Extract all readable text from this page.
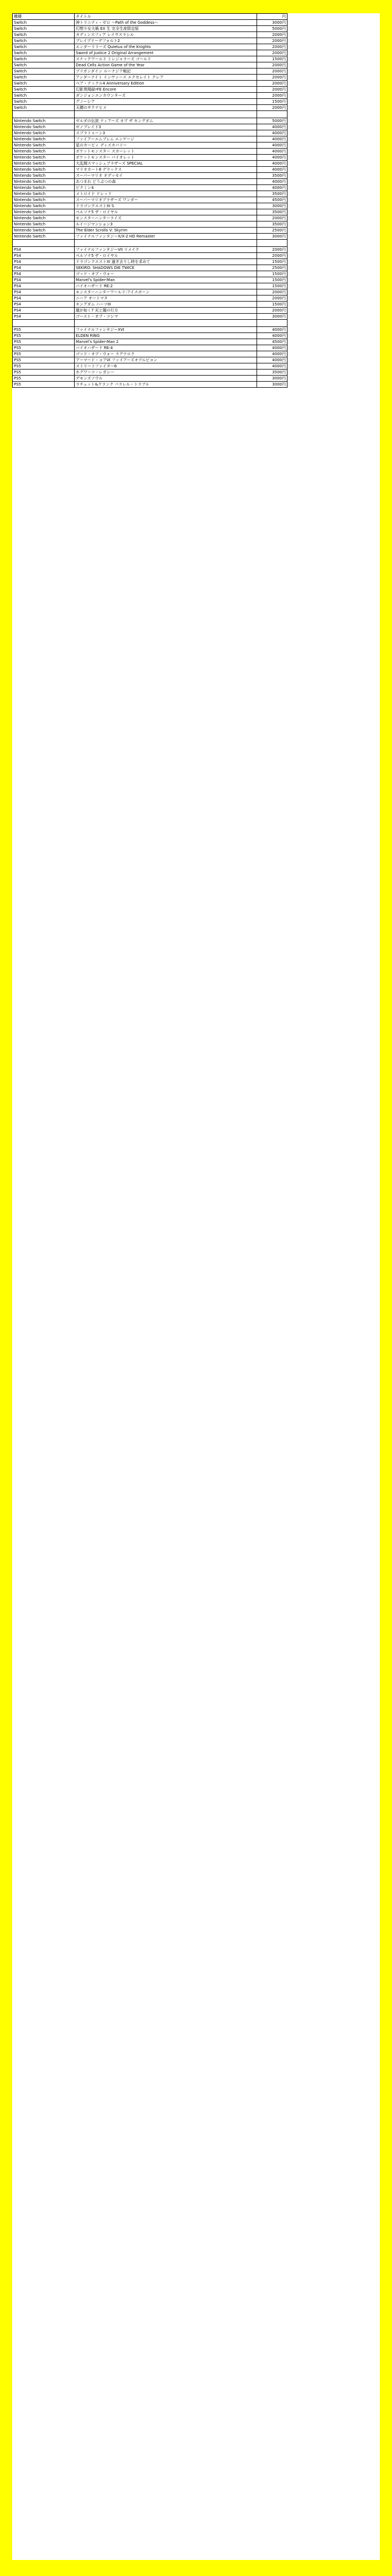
機種	タイトル	円
Switch	神トリニティ・ゼロ ～Path of the Goddess～	3000円
Switch	幻想少女大戦 EX 生 完全生産限定版	5000円
Switch	オディンスフィア レイヴスラシル	2000円
Switch	ブレイブリーデフォルト2	2000円
Switch	エンダーリリーズ Quietus of the Knights	2000円
Switch	Sword of Justice 2 Original Arrangement	2000円
Switch	スナックワールド トレジャラーズ ゴールド	1500円
Switch	Dead Cells Action Game of the Year	2000円
Switch	ブリガンダイン ルーナジア戦記	2000円
Switch	アンダーナイト インヴァース エクセレイト クレア	2000円
Switch	ベア・ナックル4 Anniversary Edition	2000円
Switch	幻影異聞録♯FE Encore	2000円
Switch	ダンジョンエンカウンターズ	2000円
Switch	グノーシア	1500円
Switch	天穂のサクナヒメ	2000円

Nintendo Switch	ゼルダの伝説 ティアーズ オブ ザ キングダム	5000円
Nintendo Switch	ゼノブレイド3	4000円
Nintendo Switch	スプラトゥーン3	4000円
Nintendo Switch	ファイアーエムブレム エンゲージ	4000円
Nintendo Switch	星のカービィ ディスカバリー	4000円
Nintendo Switch	ポケットモンスター スカーレット	4000円
Nintendo Switch	ポケットモンスター バイオレット	4000円
Nintendo Switch	大乱闘スマッシュブラザーズ SPECIAL	4000円
Nintendo Switch	マリオカート8 デラックス	4000円
Nintendo Switch	スーパーマリオ オデッセイ	3500円
Nintendo Switch	あつまれ どうぶつの森	4000円
Nintendo Switch	ピクミン4	4000円
Nintendo Switch	メトロイド ドレッド	3500円
Nintendo Switch	スーパーマリオブラザーズ ワンダー	4500円
Nintendo Switch	ドラゴンクエストXI S	3000円
Nintendo Switch	ペルソナ5 ザ・ロイヤル	3500円
Nintendo Switch	モンスターハンターライズ	2000円
Nintendo Switch	ルイージマンション3	3500円
Nintendo Switch	The Elder Scrolls V: Skyrim	2500円
Nintendo Switch	ファイナルファンタジーX/X-2 HD Remaster	3000円

PS4	ファイナルファンタジーVII リメイク	2000円
PS4	ペルソナ5 ザ・ロイヤル	2000円
PS4	ドラゴンクエストXI 過ぎ去りし時を求めて	1500円
PS4	SEKIRO: SHADOWS DIE TWICE	2500円
PS4	ゴッド・オブ・ウォー	1500円
PS4	Marvel's Spider-Man	1500円
PS4	バイオハザード RE:2	1500円
PS4	モンスターハンターワールド:アイスボーン	2000円
PS4	ニーア オートマタ	2000円
PS4	キングダム ハーツIII	1500円
PS4	龍が如く7 光と闇の行方	2000円
PS4	ゴースト・オブ・ツシマ	3000円

PS5	ファイナルファンタジーXVI	4000円
PS5	ELDEN RING	4000円
PS5	Marvel's Spider-Man 2	4500円
PS5	バイオハザード RE:4	4000円
PS5	ゴッド・オブ・ウォー ラグナロク	4000円
PS5	アーマード・コアVI ファイアーズオブルビコン	4000円
PS5	ストリートファイター6	4000円
PS5	ホグワーツ・レガシー	3500円
PS5	デモンズソウル	3000円
PS5	ラチェット&クランク パラレル・トラブル	3000円
